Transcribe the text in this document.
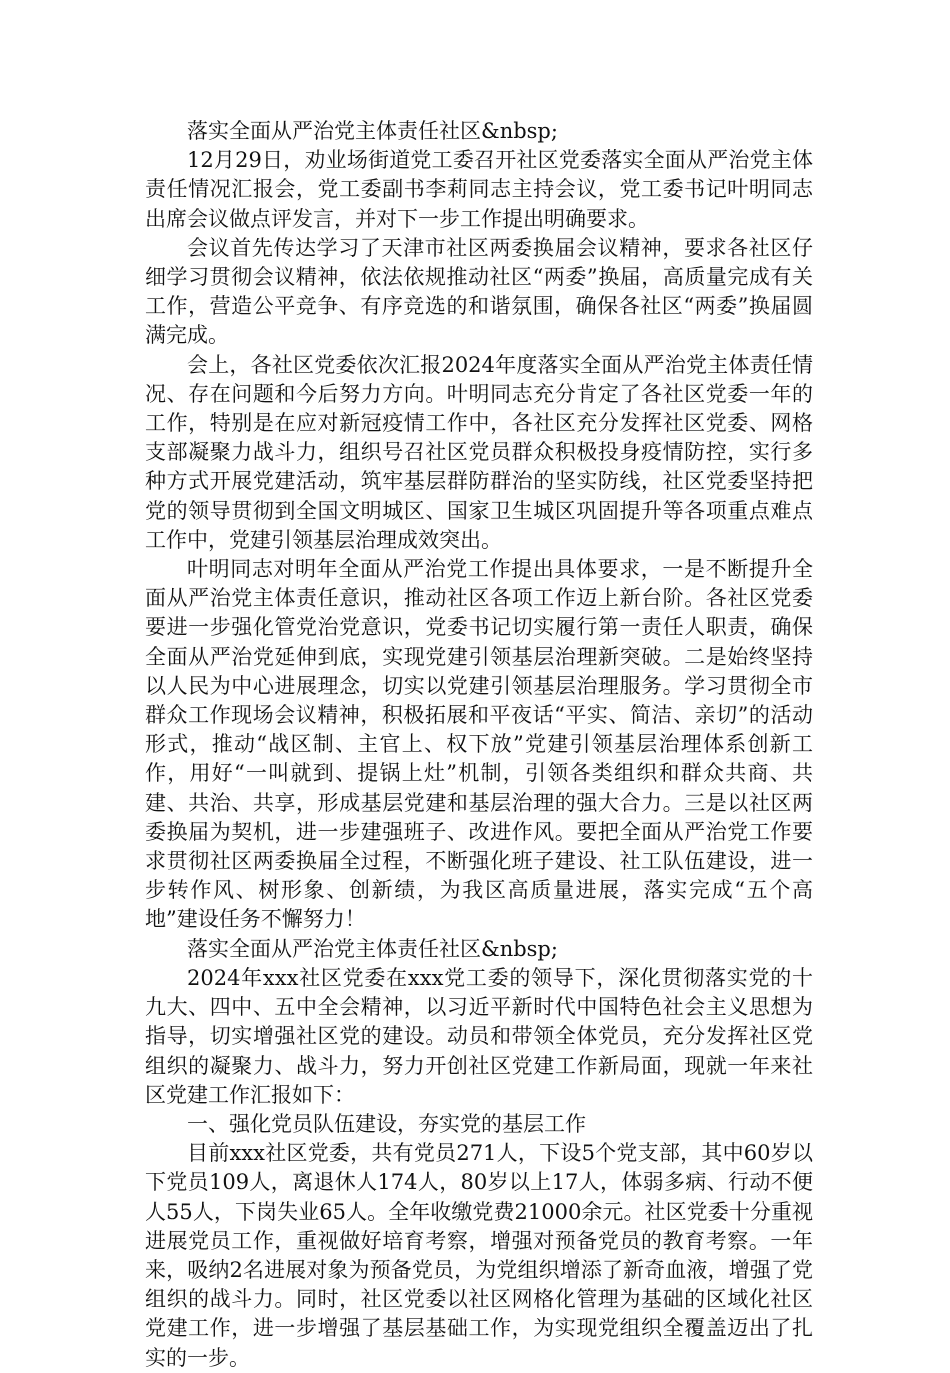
落实全面从严治党主体责任社区&nbsp;

12月29日，劝业场街道党工委召开社区党委落实全面从严治党主体责任情况汇报会，党工委副书李莉同志主持会议，党工委书记叶明同志出席会议做点评发言，并对下一步工作提出明确要求。

会议首先传达学习了天津市社区两委换届会议精神，要求各社区仔细学习贯彻会议精神，依法依规推动社区“两委”换届，高质量完成有关工作，营造公平竞争、有序竞选的和谐氛围，确保各社区“两委”换届圆满完成。

会上，各社区党委依次汇报2024年度落实全面从严治党主体责任情况、存在问题和今后努力方向。叶明同志充分肯定了各社区党委一年的工作，特别是在应对新冠疫情工作中，各社区充分发挥社区党委、网格支部凝聚力战斗力，组织号召社区党员群众积极投身疫情防控，实行多种方式开展党建活动，筑牢基层群防群治的坚实防线，社区党委坚持把党的领导贯彻到全国文明城区、国家卫生城区巩固提升等各项重点难点工作中，党建引领基层治理成效突出。

叶明同志对明年全面从严治党工作提出具体要求，一是不断提升全面从严治党主体责任意识，推动社区各项工作迈上新台阶。各社区党委要进一步强化管党治党意识，党委书记切实履行第一责任人职责，确保全面从严治党延伸到底，实现党建引领基层治理新突破。二是始终坚持以人民为中心进展理念，切实以党建引领基层治理服务。学习贯彻全市群众工作现场会议精神，积极拓展和平夜话“平实、简洁、亲切”的活动形式，推动“战区制、主官上、权下放”党建引领基层治理体系创新工作，用好“一叫就到、提锅上灶”机制，引领各类组织和群众共商、共建、共治、共享，形成基层党建和基层治理的强大合力。三是以社区两委换届为契机，进一步建强班子、改进作风。要把全面从严治党工作要求贯彻社区两委换届全过程，不断强化班子建设、社工队伍建设，进一步转作风、树形象、创新绩，为我区高质量进展，落实完成“五个高地”建设任务不懈努力！

落实全面从严治党主体责任社区&nbsp;

2024年xxx社区党委在xxx党工委的领导下，深化贯彻落实党的十九大、四中、五中全会精神，以习近平新时代中国特色社会主义思想为指导，切实增强社区党的建设。动员和带领全体党员，充分发挥社区党组织的凝聚力、战斗力，努力开创社区党建工作新局面，现就一年来社区党建工作汇报如下：

一、强化党员队伍建设，夯实党的基层工作

目前xxx社区党委，共有党员271人，下设5个党支部，其中60岁以下党员109人，离退休人174人，80岁以上17人，体弱多病、行动不便人55人，下岗失业65人。全年收缴党费21000余元。社区党委十分重视进展党员工作，重视做好培育考察，增强对预备党员的教育考察。一年来，吸纳2名进展对象为预备党员，为党组织增添了新奇血液，增强了党组织的战斗力。同时，社区党委以社区网格化管理为基础的区域化社区党建工作，进一步增强了基层基础工作，为实现党组织全覆盖迈出了扎实的一步。
